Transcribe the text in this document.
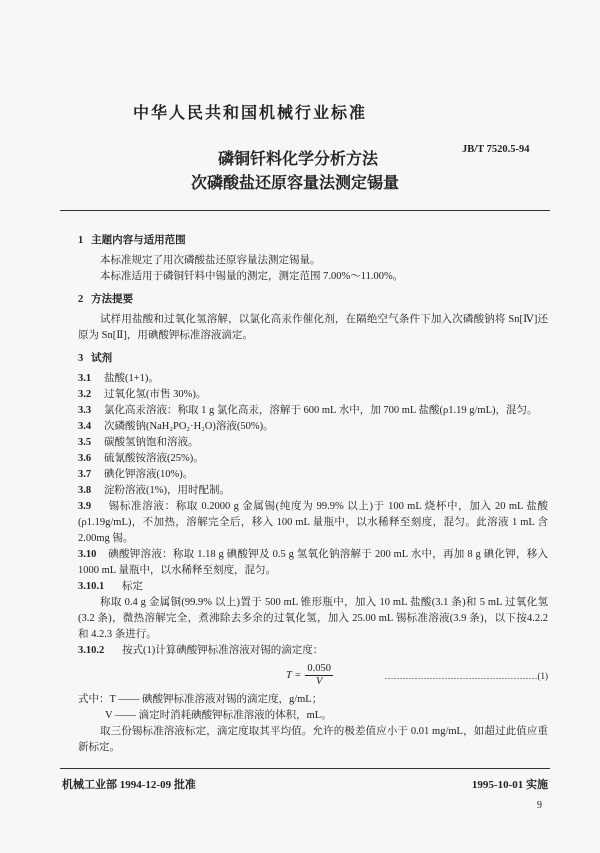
中华人民共和国机械行业标准
JB/T 7520.5-94
磷铜钎料化学分析方法
次磷酸盐还原容量法测定锡量
1 主题内容与适用范围

本标准规定了用次磷酸盐还原容量法测定锡量。

本标准适用于磷铜钎料中锡量的测定，测定范围 7.00%～11.00%。

2 方法提要

试样用盐酸和过氧化氢溶解，以氯化高汞作催化剂，在隔绝空气条件下加入次磷酸钠将 Sn[Ⅳ]还原为 Sn[Ⅱ]，用碘酸钾标准溶液滴定。

3 试剂

3.1 盐酸(1+1)。

3.2 过氧化氢(市售 30%)。

3.3 氯化高汞溶液：称取 1 g 氯化高汞，溶解于 600 mL 水中，加 700 mL 盐酸(ρ1.19 g/mL)，混匀。

3.4 次磷酸钠(NaH₂PO₂·H₂O)溶液(50%)。

3.5 碳酸氢钠饱和溶液。

3.6 硫氰酸铵溶液(25%)。

3.7 碘化钾溶液(10%)。

3.8 淀粉溶液(1%)，用时配制。

3.9 锡标准溶液：称取 0.2000 g 金属锡(纯度为 99.9% 以上)于 100 mL 烧杯中，加入 20 mL 盐酸(ρ1.19g/mL)，不加热，溶解完全后，移入 100 mL 量瓶中，以水稀释至刻度，混匀。此溶液 1 mL 含 2.00mg 锡。

3.10 碘酸钾溶液：称取 1.18 g 碘酸钾及 0.5 g 氢氧化钠溶解于 200 mL 水中，再加 8 g 碘化钾，移入1000 mL 量瓶中，以水稀释至刻度，混匀。

3.10.1 标定

称取 0.4 g 金属铜(99.9% 以上)置于 500 mL 锥形瓶中，加入 10 mL 盐酸(3.1 条)和 5 mL 过氧化氢(3.2 条)，微热溶解完全，煮沸除去多余的过氧化氢，加入 25.00 mL 锡标准溶液(3.9 条)，以下按4.2.2 和 4.2.3 条进行。

3.10.2 按式(1)计算碘酸钾标准溶液对锡的滴定度：

$T = \frac{0.050}{V}$	……………………………………………(1)

式中：T —— 碘酸钾标准溶液对锡的滴定度，g/mL；

V —— 滴定时消耗碘酸钾标准溶液的体积，mL。

取三份锡标准溶液标定，滴定度取其平均值。允许的极差值应小于 0.01 mg/mL，如超过此值应重新标定。

机械工业部 1994-12-09 批准	1995-10-01 实施
9
